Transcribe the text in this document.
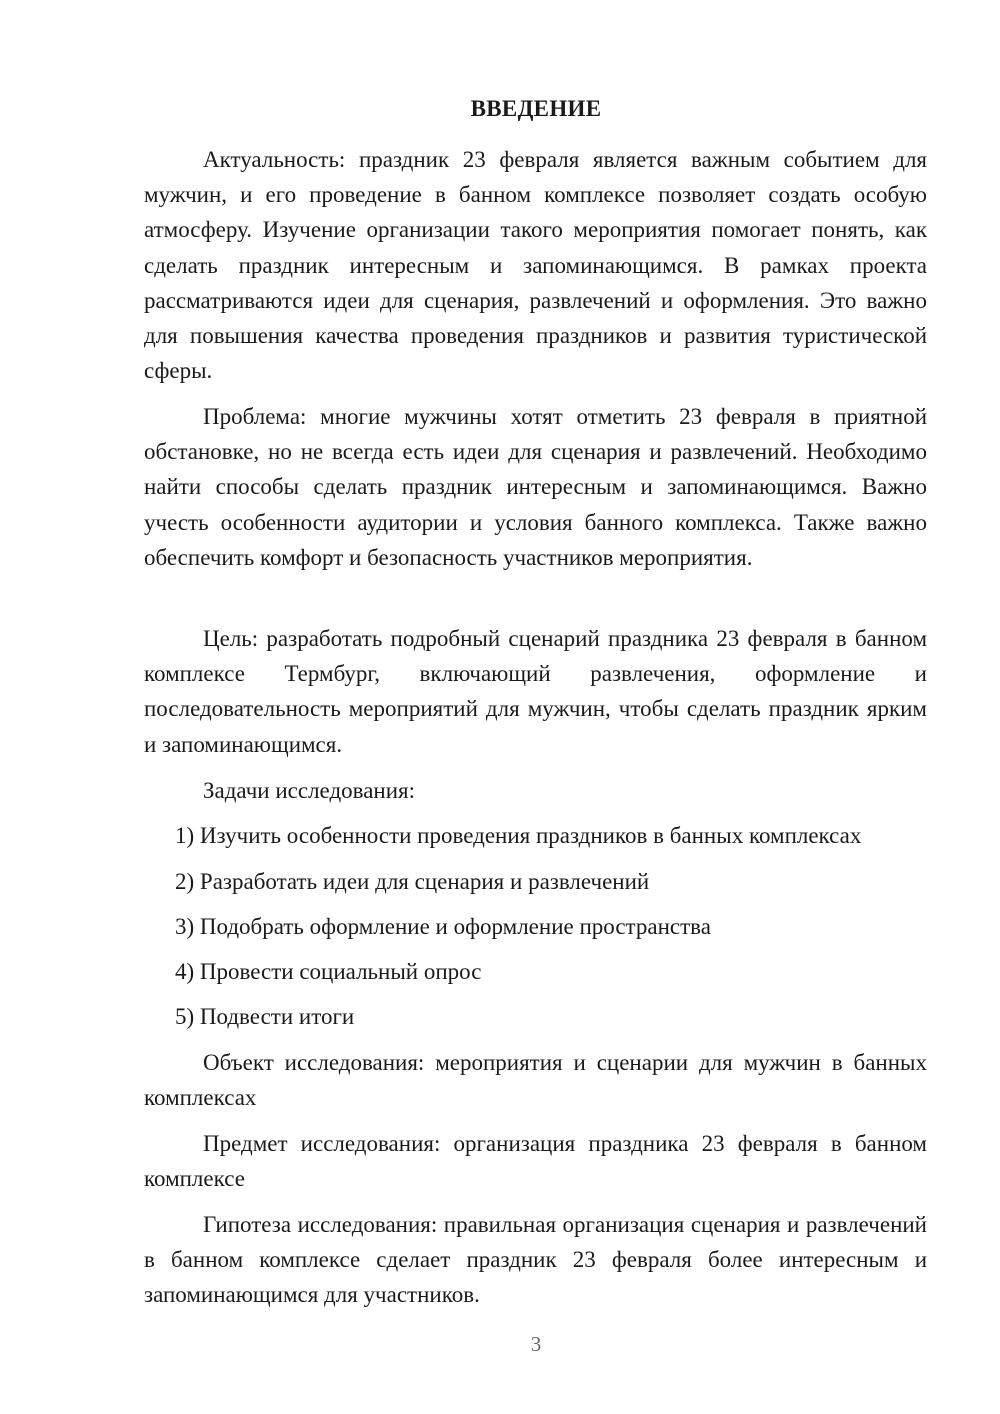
ВВЕДЕНИЕ

Актуальность: праздник 23 февраля является важным событием для мужчин, и его проведение в банном комплексе позволяет создать особую атмосферу. Изучение организации такого мероприятия помогает понять, как сделать праздник интересным и запоминающимся. В рамках проекта рассматриваются идеи для сценария, развлечений и оформления. Это важно для повышения качества проведения праздников и развития туристической сферы.

Проблема: многие мужчины хотят отметить 23 февраля в приятной обстановке, но не всегда есть идеи для сценария и развлечений. Необходимо найти способы сделать праздник интересным и запоминающимся. Важно учесть особенности аудитории и условия банного комплекса. Также важно обеспечить комфорт и безопасность участников мероприятия.

Цель: разработать подробный сценарий праздника 23 февраля в банном комплексе Термбург, включающий развлечения, оформление и последовательность мероприятий для мужчин, чтобы сделать праздник ярким и запоминающимся.

Задачи исследования:
1) Изучить особенности проведения праздников в банных комплексах
2) Разработать идеи для сценария и развлечений
3) Подобрать оформление и оформление пространства
4) Провести социальный опрос
5) Подвести итоги

Объект исследования: мероприятия и сценарии для мужчин в банных комплексах

Предмет исследования: организация праздника 23 февраля в банном комплексе

Гипотеза исследования: правильная организация сценария и развлечений в банном комплексе сделает праздник 23 февраля более интересным и запоминающимся для участников.

3
